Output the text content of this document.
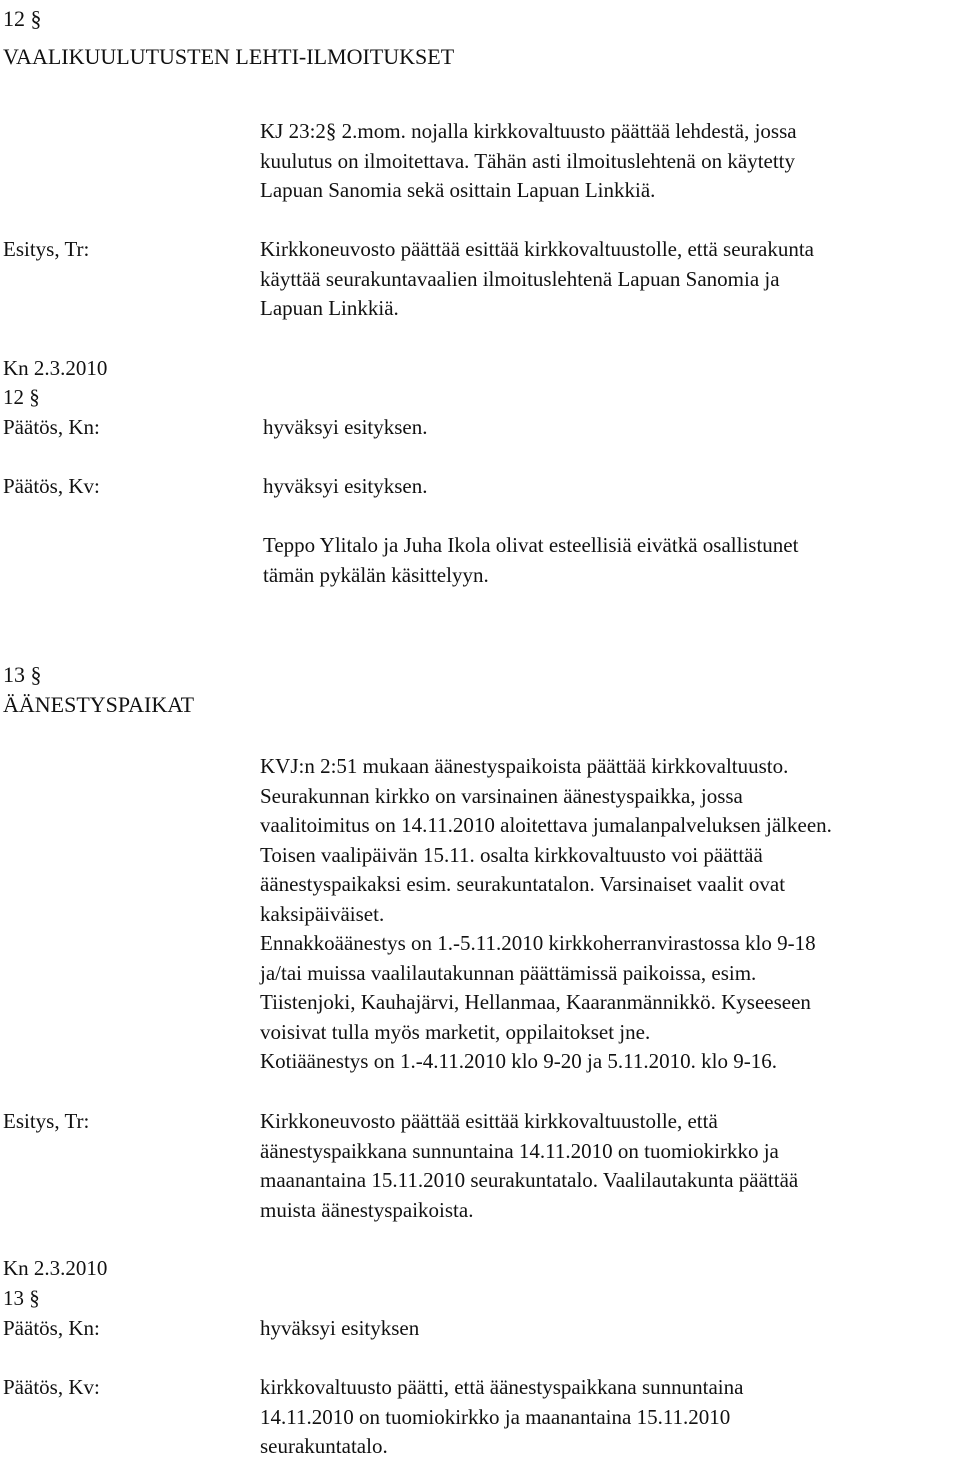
12 §
VAALIKUULUTUSTEN LEHTI-ILMOITUKSET
KJ 23:2§ 2.mom. nojalla kirkkovaltuusto päättää lehdestä, jossa
kuulutus on ilmoitettava. Tähän asti ilmoituslehtenä on käytetty
Lapuan Sanomia sekä osittain Lapuan Linkkiä.
Esitys, Tr:	Kirkkoneuvosto päättää esittää kirkkovaltuustolle, että seurakunta
käyttää seurakuntavaalien ilmoituslehtenä Lapuan Sanomia ja
Lapuan Linkkiä.
Kn 2.3.2010
12 §
Päätös, Kn:	hyväksyi esityksen.
Päätös, Kv:	hyväksyi esityksen.
Teppo Ylitalo ja Juha Ikola olivat esteellisiä eivätkä osallistunet
tämän pykälän käsittelyyn.
13 §
ÄÄNESTYSPAIKAT
KVJ:n 2:51 mukaan äänestyspaikoista päättää kirkkovaltuusto.
Seurakunnan kirkko on varsinainen äänestyspaikka, jossa
vaalitoimitus on 14.11.2010 aloitettava jumalanpalveluksen jälkeen.
Toisen vaalipäivän 15.11. osalta kirkkovaltuusto voi päättää
äänestyspaikaksi esim. seurakuntatalon. Varsinaiset vaalit ovat
kaksipäiväiset.
Ennakkoäänestys on 1.-5.11.2010 kirkkoherranvirastossa klo 9-18
ja/tai muissa vaalilautakunnan päättämissä paikoissa, esim.
Tiistenjoki, Kauhajärvi, Hellanmaa, Kaaranmännikkö. Kyseeseen
voisivat tulla myös marketit, oppilaitokset jne.
Kotiäänestys on 1.-4.11.2010 klo 9-20 ja 5.11.2010. klo 9-16.
Esitys, Tr:	Kirkkoneuvosto päättää esittää kirkkovaltuustolle, että
äänestyspaikkana sunnuntaina 14.11.2010 on tuomiokirkko ja
maanantaina 15.11.2010 seurakuntatalo. Vaalilautakunta päättää
muista äänestyspaikoista.
Kn 2.3.2010
13 §
Päätös, Kn:	hyväksyi esityksen
Päätös, Kv:	kirkkovaltuusto päätti, että äänestyspaikkana sunnuntaina
14.11.2010 on tuomiokirkko ja maanantaina 15.11.2010
seurakuntatalo.
